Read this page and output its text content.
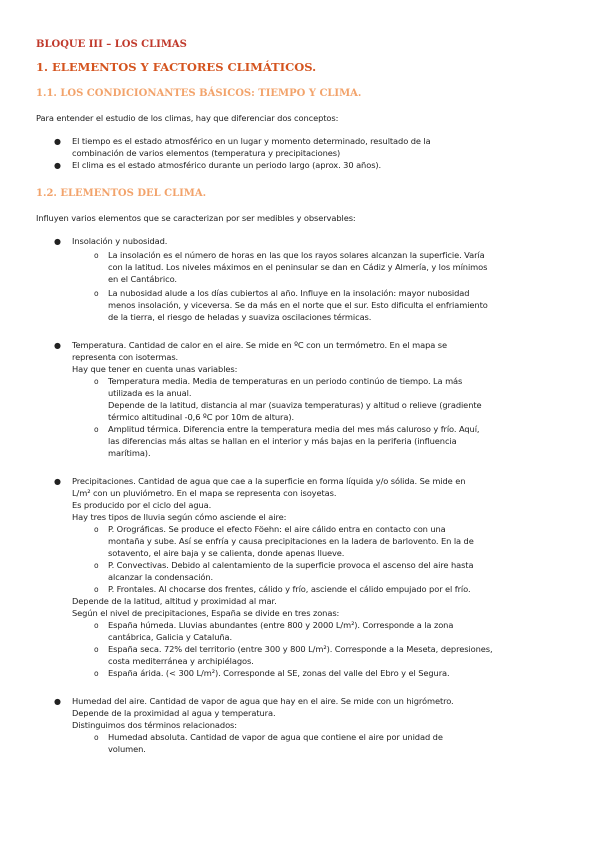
BLOQUE III – LOS CLIMAS
1. ELEMENTOS Y FACTORES CLIMÁTICOS.
1.1. LOS CONDICIONANTES BÁSICOS: TIEMPO Y CLIMA.
Para entender el estudio de los climas, hay que diferenciar dos conceptos:
● El tiempo es el estado atmosférico en un lugar y momento determinado, resultado de la
combinación de varios elementos (temperatura y precipitaciones)
● El clima es el estado atmosférico durante un periodo largo (aprox. 30 años).
1.2. ELEMENTOS DEL CLIMA.
Influyen varios elementos que se caracterizan por ser medibles y observables:
● Insolación y nubosidad.
o La insolación es el número de horas en las que los rayos solares alcanzan la superficie. Varía
con la latitud. Los niveles máximos en el peninsular se dan en Cádiz y Almería, y los mínimos
en el Cantábrico.
o La nubosidad alude a los días cubiertos al año. Influye en la insolación: mayor nubosidad
menos insolación, y viceversa. Se da más en el norte que el sur. Esto dificulta el enfriamiento
de la tierra, el riesgo de heladas y suaviza oscilaciones térmicas.
● Temperatura. Cantidad de calor en el aire. Se mide en ºC con un termómetro. En el mapa se
representa con isotermas.
Hay que tener en cuenta unas variables:
o Temperatura media. Media de temperaturas en un periodo continúo de tiempo. La más
utilizada es la anual.
Depende de la latitud, distancia al mar (suaviza temperaturas) y altitud o relieve (gradiente
térmico altitudinal -0,6 ºC por 10m de altura).
o Amplitud térmica. Diferencia entre la temperatura media del mes más caluroso y frío. Aquí,
las diferencias más altas se hallan en el interior y más bajas en la periferia (influencia
marítima).
● Precipitaciones. Cantidad de agua que cae a la superficie en forma líquida y/o sólida. Se mide en
L/m² con un pluviómetro. En el mapa se representa con isoyetas.
Es producido por el ciclo del agua.
Hay tres tipos de lluvia según cómo asciende el aire:
o P. Orográficas. Se produce el efecto Föehn: el aire cálido entra en contacto con una
montaña y sube. Así se enfría y causa precipitaciones en la ladera de barlovento. En la de
sotavento, el aire baja y se calienta, donde apenas llueve.
o P. Convectivas. Debido al calentamiento de la superficie provoca el ascenso del aire hasta
alcanzar la condensación.
o P. Frontales. Al chocarse dos frentes, cálido y frío, asciende el cálido empujado por el frío.
Depende de la latitud, altitud y proximidad al mar.
Según el nivel de precipitaciones, España se divide en tres zonas:
o España húmeda. Lluvias abundantes (entre 800 y 2000 L/m²). Corresponde a la zona
cantábrica, Galicia y Cataluña.
o España seca. 72% del territorio (entre 300 y 800 L/m²). Corresponde a la Meseta, depresiones,
costa mediterránea y archipiélagos.
o España árida. (< 300 L/m²). Corresponde al SE, zonas del valle del Ebro y el Segura.
● Humedad del aire. Cantidad de vapor de agua que hay en el aire. Se mide con un higrómetro.
Depende de la proximidad al agua y temperatura.
Distinguimos dos términos relacionados:
o Humedad absoluta. Cantidad de vapor de agua que contiene el aire por unidad de
volumen.
